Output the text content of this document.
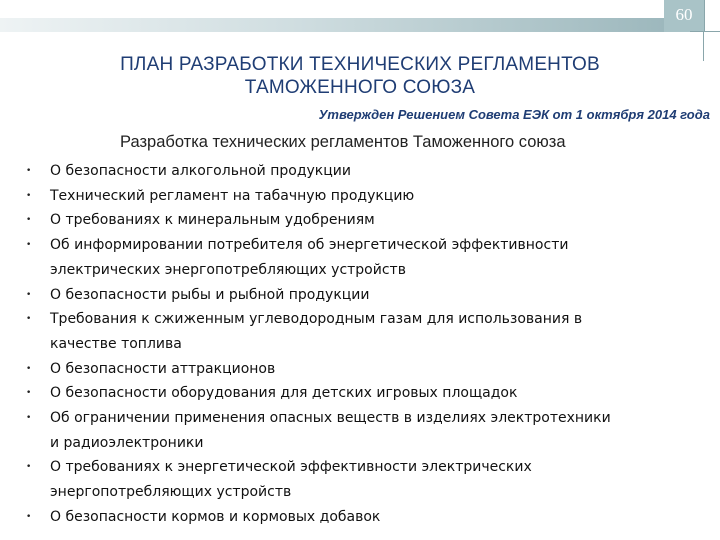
60
ПЛАН РАЗРАБОТКИ ТЕХНИЧЕСКИХ РЕГЛАМЕНТОВ
ТАМОЖЕННОГО СОЮЗА
Утвержден Решением Совета ЕЭК от 1 октября 2014 года
Разработка технических регламентов Таможенного союза
• О безопасности алкогольной продукции
• Технический регламент на табачную продукцию
• О требованиях к минеральным удобрениям
• Об информировании потребителя об энергетической эффективности
электрических энергопотребляющих устройств
• О безопасности рыбы и рыбной продукции
• Требования к сжиженным углеводородным газам для использования в
качестве топлива
• О безопасности аттракционов
• О безопасности оборудования для детских игровых площадок
• Об ограничении применения опасных веществ в изделиях электротехники
и радиоэлектроники
• О требованиях к энергетической эффективности электрических
энергопотребляющих устройств
• О безопасности кормов и кормовых добавок
